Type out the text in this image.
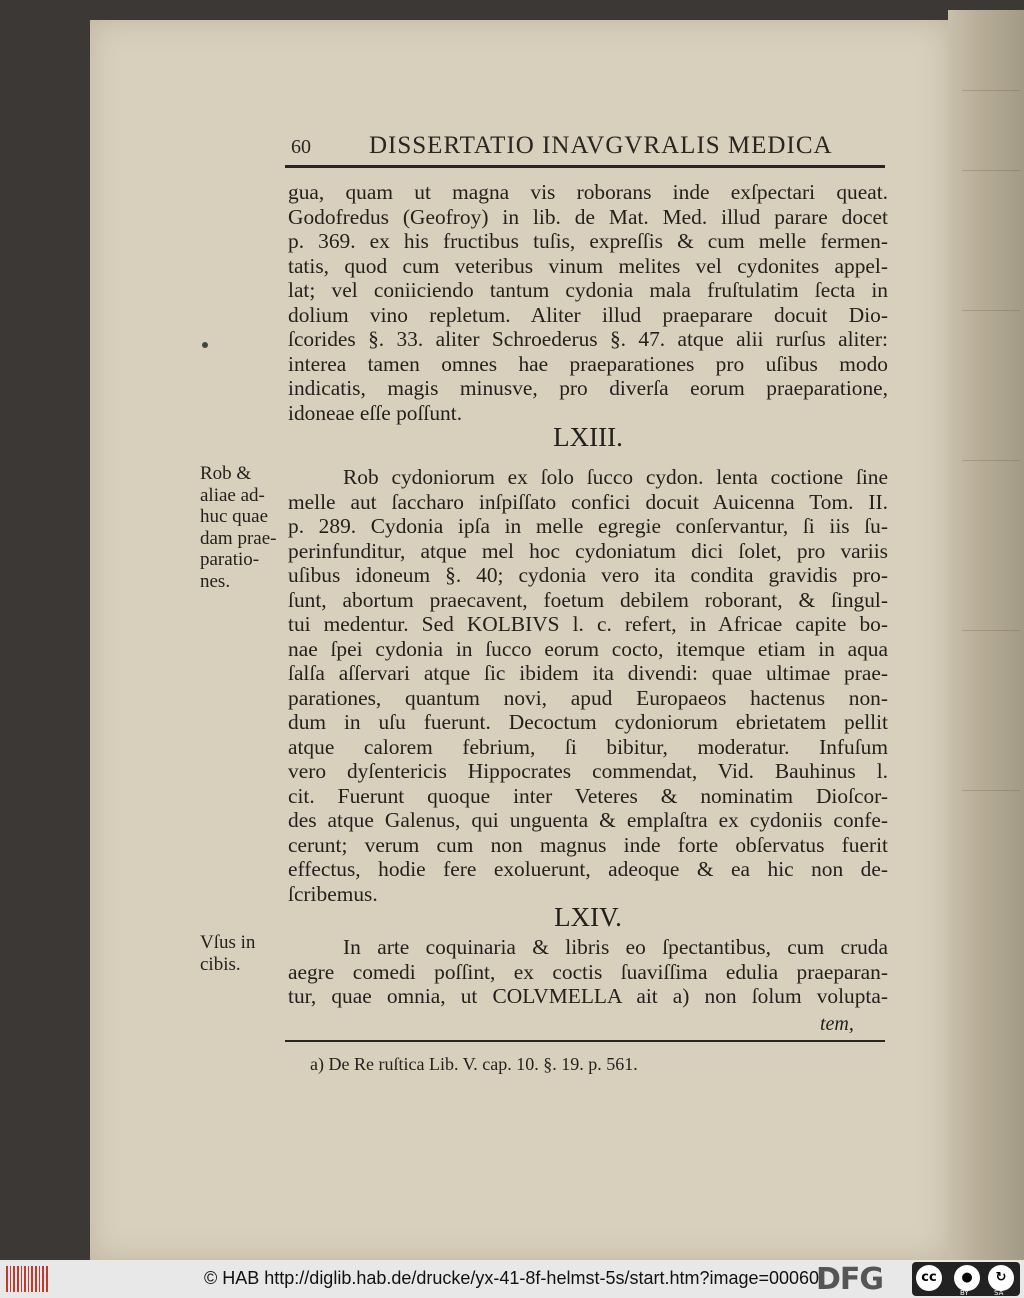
60 DISSERTATIO INAVGVRALIS MEDICA
gua, quam ut magna vis roborans inde exſpectari queat.
Godofredus (Geofroy) in lib. de Mat. Med. illud parare docet
p. 369. ex his fructibus tuſis, expreſſis & cum melle fermen-
tatis, quod cum veteribus vinum melites vel cydonites appel-
lat; vel coniiciendo tantum cydonia mala fruſtulatim ſecta in
dolium vino repletum. Aliter illud praeparare docuit Dio-
ſcorides §. 33. aliter Schroederus §. 47. atque alii rurſus aliter:
interea tamen omnes hae praeparationes pro uſibus modo
indicatis, magis minusve, pro diverſa eorum praeparatione,
idoneae eſſe poſſunt.
LXIII.
Rob &
aliae ad-
huc quae
dam prae-
paratio-
nes.
Rob cydoniorum ex ſolo ſucco cydon. lenta coctione ſine
melle aut ſaccharo inſpiſſato confici docuit Auicenna Tom. II.
p. 289. Cydonia ipſa in melle egregie conſervantur, ſi iis ſu-
perinfunditur, atque mel hoc cydoniatum dici ſolet, pro variis
uſibus idoneum §. 40; cydonia vero ita condita gravidis pro-
ſunt, abortum praecavent, foetum debilem roborant, & ſingul-
tui medentur. Sed KOLBIVS l. c. refert, in Africae capite bo-
nae ſpei cydonia in ſucco eorum cocto, itemque etiam in aqua
ſalſa aſſervari atque ſic ibidem ita divendi: quae ultimae prae-
parationes, quantum novi, apud Europaeos hactenus non-
dum in uſu fuerunt. Decoctum cydoniorum ebrietatem pellit
atque calorem febrium, ſi bibitur, moderatur. Infuſum
vero dyſentericis Hippocrates commendat, Vid. Bauhinus l.
cit. Fuerunt quoque inter Veteres & nominatim Dioſcor-
des atque Galenus, qui unguenta & emplaſtra ex cydoniis confe-
cerunt; verum cum non magnus inde forte obſervatus fuerit
effectus, hodie fere exoluerunt, adeoque & ea hic non de-
ſcribemus.
LXIV.
Vſus in
cibis.
In arte coquinaria & libris eo ſpectantibus, cum cruda
aegre comedi poſſint, ex coctis ſuaviſſima edulia praeparan-
tur, quae omnia, ut COLVMELLA ait a) non ſolum volupta-
tem,
a) De Re ruſtica Lib. V. cap. 10. §. 19. p. 561.
© HAB http://diglib.hab.de/drucke/yx-41-8f-helmst-5s/start.htm?image=00060
DFG	cc	●	↻
BY	SA
